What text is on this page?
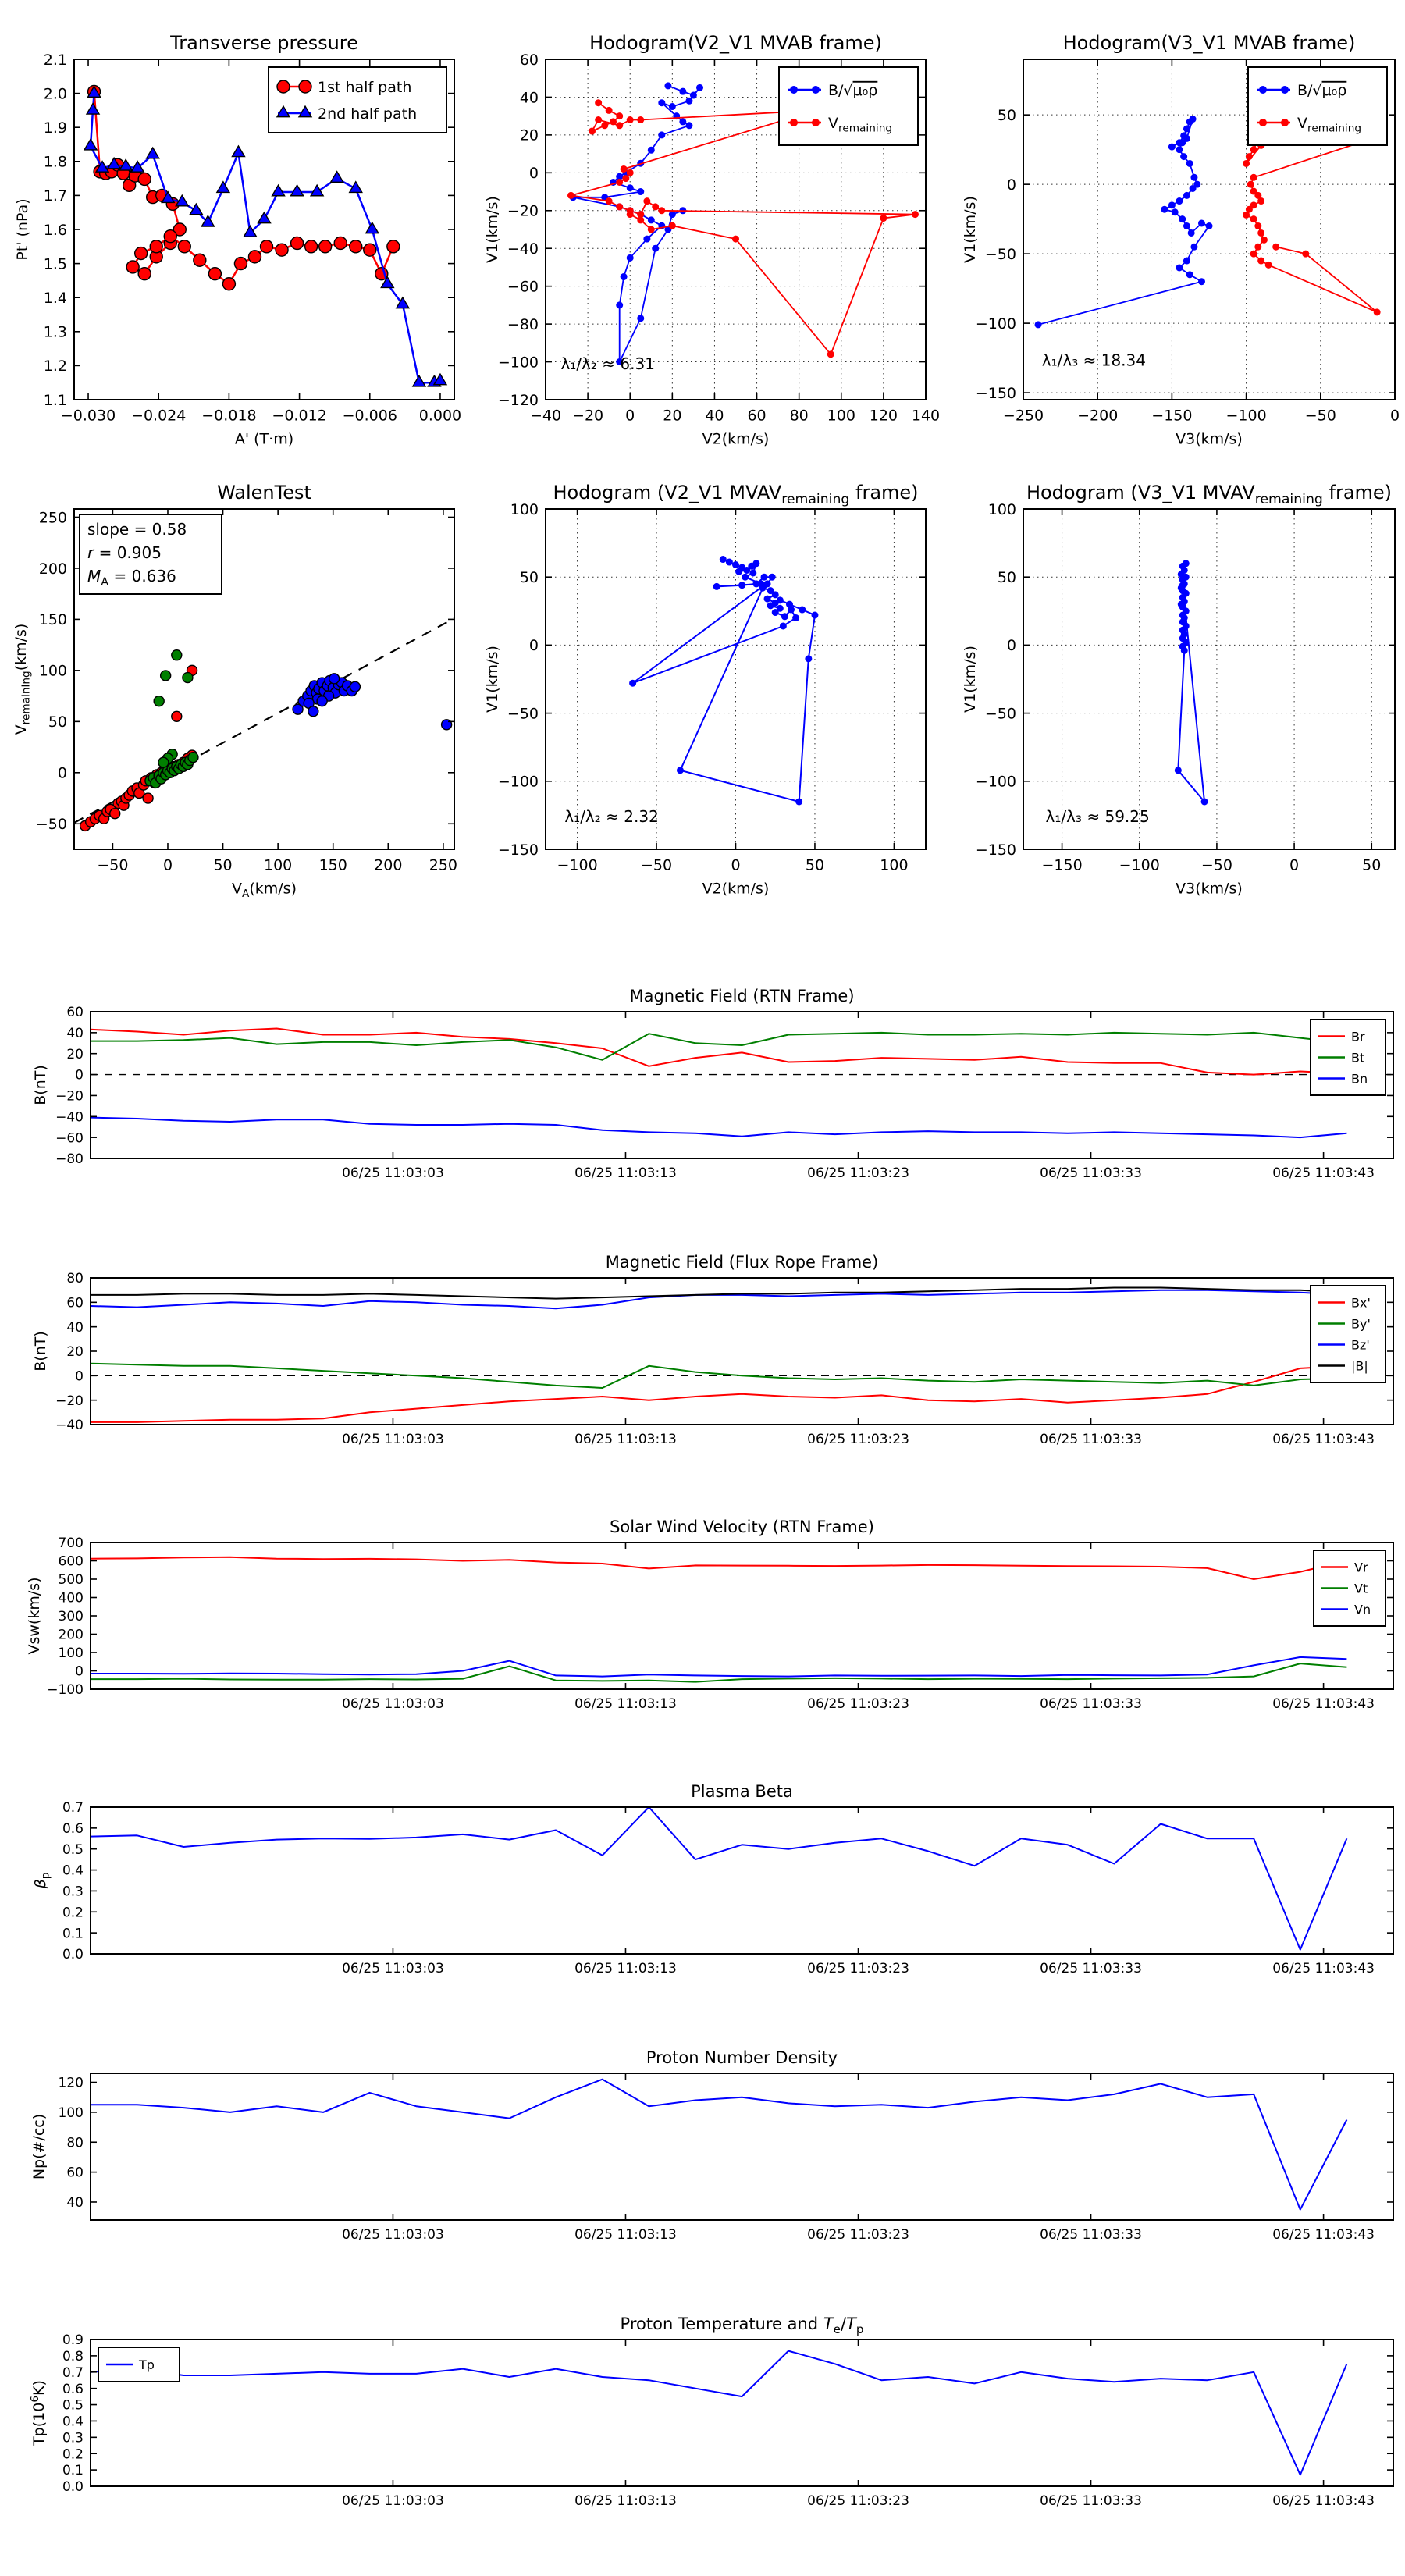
−0.030 −0.024 −0.018 −0.012 −0.006 0.000
1.1
1.2
1.3
1.4
1.5
1.6
1.7
1.8
1.9
2.0
2.1
Transverse pressure
A' (T·m)
Pt' (nPa)
1st half path
2nd half path
−40 −20 0 20 40 60 80 100 120 140
−120
−100
−80
−60
−40
−20
0
20
40
60
Hodogram(V2_V1 MVAB frame)
V2(km/s)
V1(km/s)
λ₁/λ₂ ≈ 6.31
B/√μ₀ρ
$V_{remaining}$
−250 −200 −150 −100	−50	0
−150
−100
−50
0
50
Hodogram(V3_V1 MVAB frame)
V3(km/s)
V1(km/s)
λ₁/λ₃ ≈ 18.34
B/√μ₀ρ
$V_{remaining}$
−50 0	50 100 150 200 250
−50
0
50
100
150
200
250
WalenTest
$V_A(km/s)$
$V_{remaining}(km/s)$
slope = 0.58
r = 0.905
$M_A = 0.636$
−100	−50	0	50	100
−150
−100
−50
0
50
100
Hodogram (V2_V1 $MVAV_{remaining}$ frame)
V2(km/s)
V1(km/s)
λ₁/λ₂ ≈ 2.32
−150 −100	−50	0	50
−150
−100
−50
0
50
100
Hodogram (V3_V1 $MVAV_{remaining}$ frame)
V3(km/s)
V1(km/s)
λ₁/λ₃ ≈ 59.25
06/25 11:03:03	06/25 11:03:13	06/25 11:03:23	06/25 11:03:33	06/25 11:03:43
−80
−60
−40
−20
0
20
40
60
Magnetic Field (RTN Frame)
B(nT)
Br
Bt
Bn
06/25 11:03:03	06/25 11:03:13	06/25 11:03:23	06/25 11:03:33	06/25 11:03:43
−40
−20
0
20
40
60
80
Magnetic Field (Flux Rope Frame)
B(nT)
Bx'
By'
Bz'
|B|
06/25 11:03:03	06/25 11:03:13	06/25 11:03:23	06/25 11:03:33	06/25 11:03:43
−100
0
100
200
300
400
500
600
700
Solar Wind Velocity (RTN Frame)
Vsw(km/s)
Vr
Vt
Vn
06/25 11:03:03	06/25 11:03:13	06/25 11:03:23	06/25 11:03:33	06/25 11:03:43
0.0
0.1
0.2
0.3
0.4
0.5
0.6
0.7
Plasma Beta
$\beta_p$
06/25 11:03:03	06/25 11:03:13	06/25 11:03:23	06/25 11:03:33	06/25 11:03:43
40
60
80
100
120
Proton Number Density
Np(#/cc)
06/25 11:03:03	06/25 11:03:13	06/25 11:03:23	06/25 11:03:33	06/25 11:03:43
0.0
0.1
0.2
0.3
0.4
0.5
0.6
0.7
0.8
0.9
Proton Temperature and $T_e/T_p$
$Tp(10^6K)$
Tp
